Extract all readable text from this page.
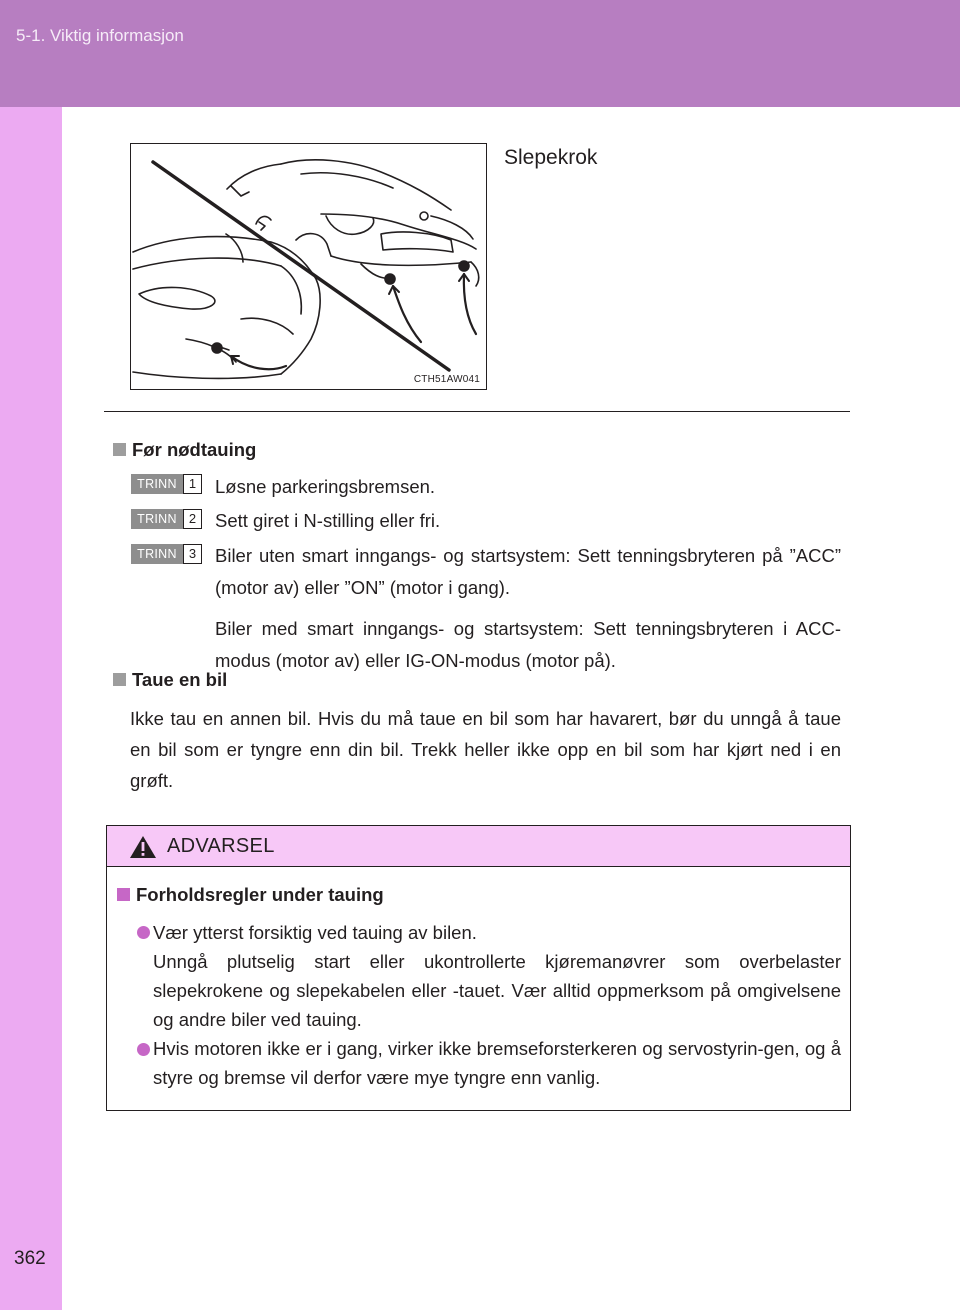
5-1. Viktig informasjon
362
CTH51AW041
Slepekrok
Før nødtauing
TRINN 1	Løsne parkeringsbremsen.
TRINN 2	Sett giret i N-stilling eller fri.
TRINN 3	Biler uten smart inngangs- og startsystem: Sett tenningsbryteren på ”ACC” (motor av) eller ”ON” (motor i gang).
Biler med smart inngangs- og startsystem: Sett tenningsbryteren i ACC-modus (motor av) eller IG-ON-modus (motor på).
Taue en bil
Ikke tau en annen bil. Hvis du må taue en bil som har havarert, bør du unngå å taue en bil som er tyngre enn din bil. Trekk heller ikke opp en bil som har kjørt ned i en grøft.
ADVARSEL
Forholdsregler under tauing
Vær ytterst forsiktig ved tauing av bilen.
Unngå plutselig start eller ukontrollerte kjøremanøvrer som overbelaster slepekrokene og slepekabelen eller -tauet. Vær alltid oppmerksom på omgivelsene og andre biler ved tauing.
Hvis motoren ikke er i gang, virker ikke bremseforsterkeren og servostyrin-gen, og å styre og bremse vil derfor være mye tyngre enn vanlig.
